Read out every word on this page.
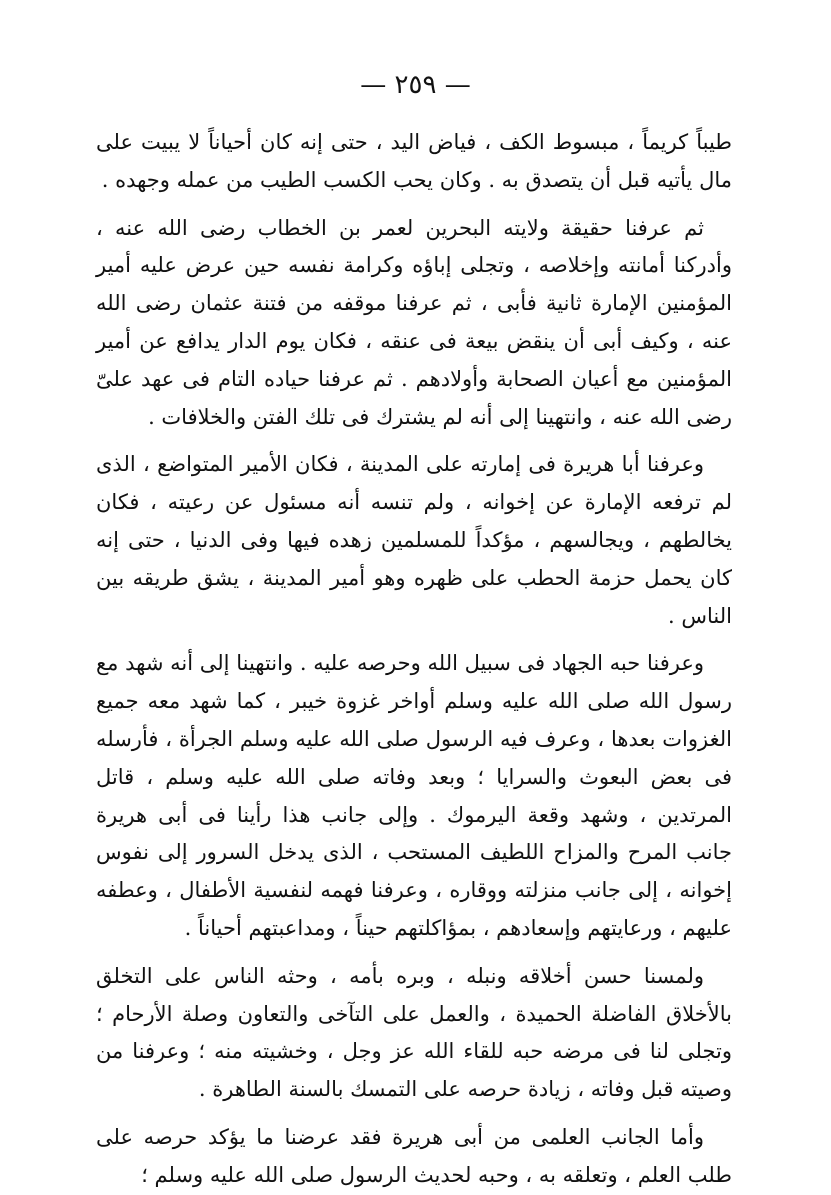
— ٢٥٩ —

طيباً كريماً ، مبسوط الكف ، فياض اليد ، حتى إنه كان أحياناً لا يبيت على مال يأتيه قبل أن يتصدق به . وكان يحب الكسب الطيب من عمله وجهده .

ثم عرفنا حقيقة ولايته البحرين لعمر بن الخطاب رضى الله عنه ، وأدركنا أمانته وإخلاصه ، وتجلى إباؤه وكرامة نفسه حين عرض عليه أمير المؤمنين الإمارة ثانية فأبى ، ثم عرفنا موقفه من فتنة عثمان رضى الله عنه ، وكيف أبى أن ينقض بيعة فى عنقه ، فكان يوم الدار يدافع عن أمير المؤمنين مع أعيان الصحابة وأولادهم . ثم عرفنا حياده التام فى عهد علىّ رضى الله عنه ، وانتهينا إلى أنه لم يشترك فى تلك الفتن والخلافات .

وعرفنا أبا هريرة فى إمارته على المدينة ، فكان الأمير المتواضع ، الذى لم ترفعه الإمارة عن إخوانه ، ولم تنسه أنه مسئول عن رعيته ، فكان يخالطهم ، ويجالسهم ، مؤكداً للمسلمين زهده فيها وفى الدنيا ، حتى إنه كان يحمل حزمة الحطب على ظهره وهو أمير المدينة ، يشق طريقه بين الناس .

وعرفنا حبه الجهاد فى سبيل الله وحرصه عليه . وانتهينا إلى أنه شهد مع رسول الله صلى الله عليه وسلم أواخر غزوة خيبر ، كما شهد معه جميع الغزوات بعدها ، وعرف فيه الرسول صلى الله عليه وسلم الجرأة ، فأرسله فى بعض البعوث والسرايا ؛ وبعد وفاته صلى الله عليه وسلم ، قاتل المرتدين ، وشهد وقعة اليرموك . وإلى جانب هذا رأينا فى أبى هريرة جانب المرح والمزاح اللطيف المستحب ، الذى يدخل السرور إلى نفوس إخوانه ، إلى جانب منزلته ووقاره ، وعرفنا فهمه لنفسية الأطفال ، وعطفه عليهم ، ورعايتهم وإسعادهم ، بمؤاكلتهم حيناً ، ومداعبتهم أحياناً .

ولمسنا حسن أخلاقه ونبله ، وبره بأمه ، وحثه الناس على التخلق بالأخلاق الفاضلة الحميدة ، والعمل على التآخى والتعاون وصلة الأرحام ؛ وتجلى لنا فى مرضه حبه للقاء الله عز وجل ، وخشيته منه ؛ وعرفنا من وصيته قبل وفاته ، زيادة حرصه على التمسك بالسنة الطاهرة .

وأما الجانب العلمى من أبى هريرة فقد عرضنا ما يؤكد حرصه على طلب العلم ، وتعلقه به ، وحبه لحديث الرسول صلى الله عليه وسلم ؛
